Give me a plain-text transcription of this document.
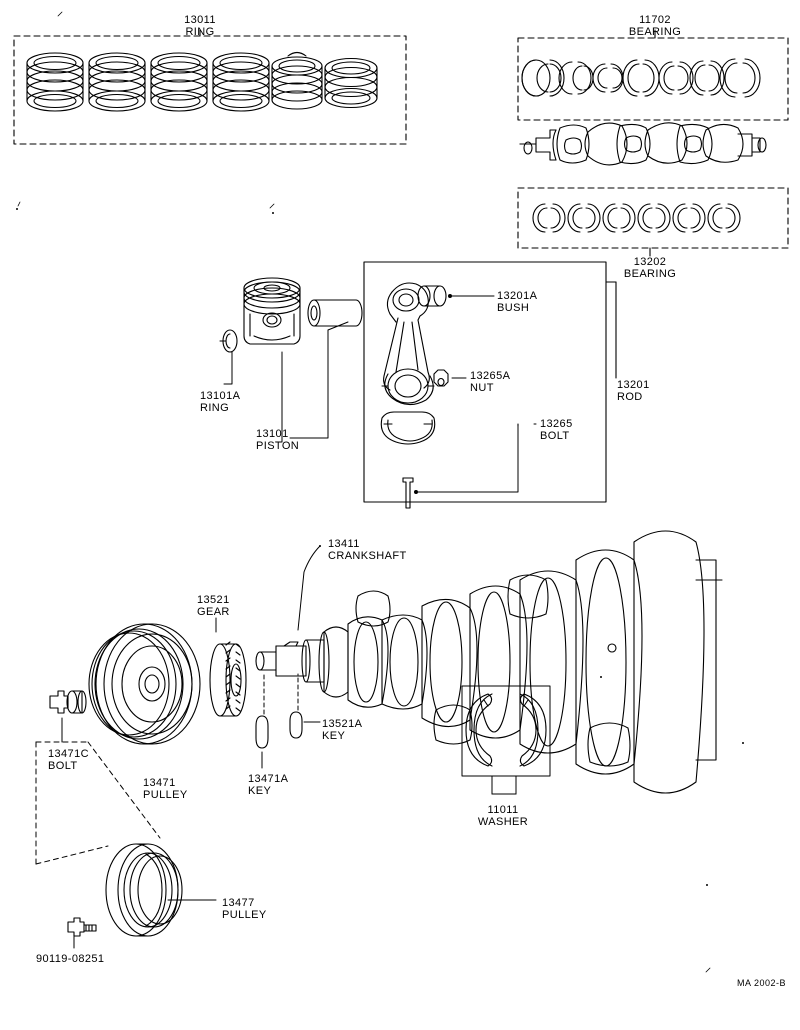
13011
RING
11702
BEARING
13202
BEARING
13201A
BUSH
13265A
NUT
13265
BOLT
13201
ROD
13101A
RING
13101
PISTON
13411
CRANKSHAFT
13521
GEAR
13521A
KEY
13471A
KEY
13471C
BOLT
13471
PULLEY
11011
WASHER
13477
PULLEY
90119-08251
MA 2002-B
